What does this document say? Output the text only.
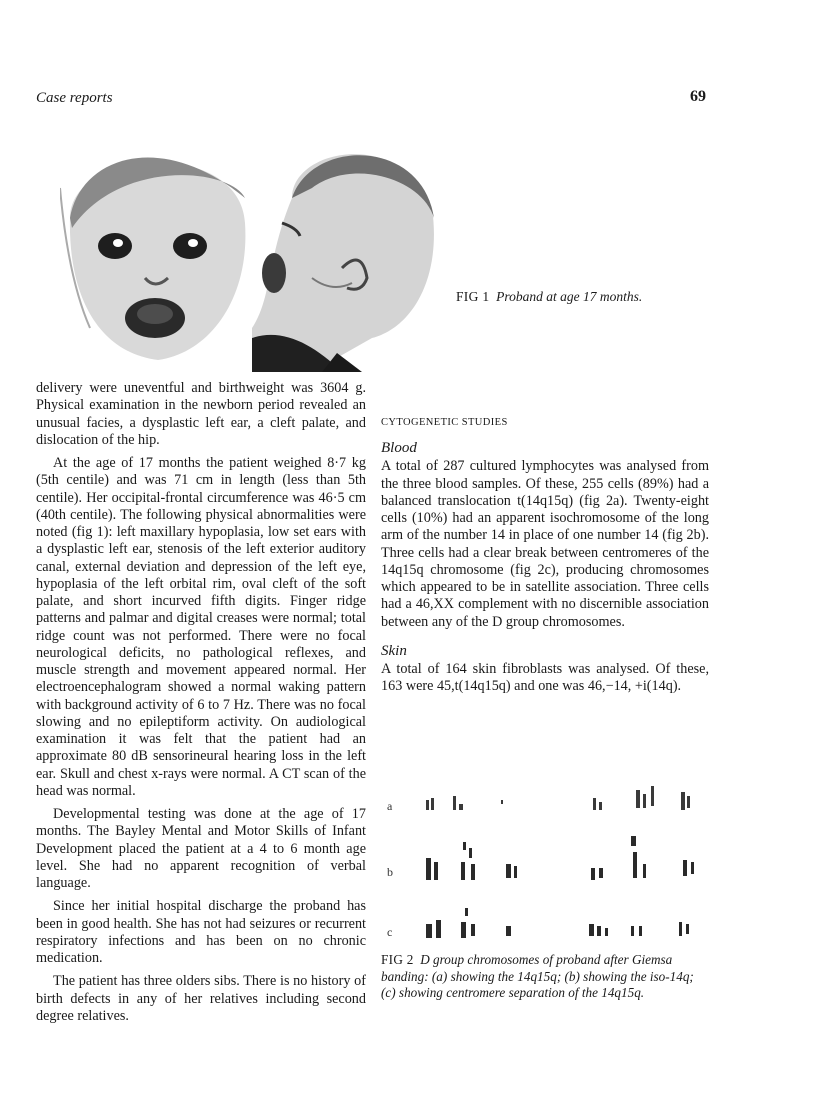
Case reports	69
FIG 1 Proband at age 17 months.

delivery were uneventful and birthweight was 3604 g. Physical examination in the newborn period revealed an unusual facies, a dysplastic left ear, a cleft palate, and dislocation of the hip.

At the age of 17 months the patient weighed 8·7 kg (5th centile) and was 71 cm in length (less than 5th centile). Her occipital-frontal circumference was 46·5 cm (40th centile). The following physical abnormalities were noted (fig 1): left maxillary hypoplasia, low set ears with a dysplastic left ear, stenosis of the left exterior auditory canal, external deviation and depression of the left eye, hypoplasia of the left orbital rim, oval cleft of the soft palate, and short incurved fifth digits. Finger ridge patterns and palmar and digital creases were normal; total ridge count was not performed. There were no focal neurological deficits, no pathological reflexes, and muscle strength and movement appeared normal. Her electroencephalogram showed a normal waking pattern with background activity of 6 to 7 Hz. There was no focal slowing and no epileptiform activity. On audiological examination it was felt that the patient had an approximate 80 dB sensorineural hearing loss in the left ear. Skull and chest x-rays were normal. A CT scan of the head was normal.

Developmental testing was done at the age of 17 months. The Bayley Mental and Motor Skills of Infant Development placed the patient at a 4 to 6 month age level. She had no apparent recognition of verbal language.

Since her initial hospital discharge the proband has been in good health. She has not had seizures or recurrent respiratory infections and has been on no chronic medication.

The patient has three olders sibs. There is no history of birth defects in any of her relatives including second degree relatives.

CYTOGENETIC STUDIES
Blood

A total of 287 cultured lymphocytes was analysed from the three blood samples. Of these, 255 cells (89%) had a balanced translocation t(14q15q) (fig 2a). Twenty-eight cells (10%) had an apparent isochromosome of the long arm of the number 14 in place of one number 14 (fig 2b). Three cells had a clear break between centromeres of the 14q15q chromosome (fig 2c), producing chromosomes which appeared to be in satellite association. Three cells had a 46,XX complement with no discernible association between any of the D group chromosomes.

Skin

A total of 164 skin fibroblasts was analysed. Of these, 163 were 45,t(14q15q) and one was 46,−14, +i(14q).

a
b
c
FIG 2 D group chromosomes of proband after Giemsa banding: (a) showing the 14q15q; (b) showing the iso-14q; (c) showing centromere separation of the 14q15q.
